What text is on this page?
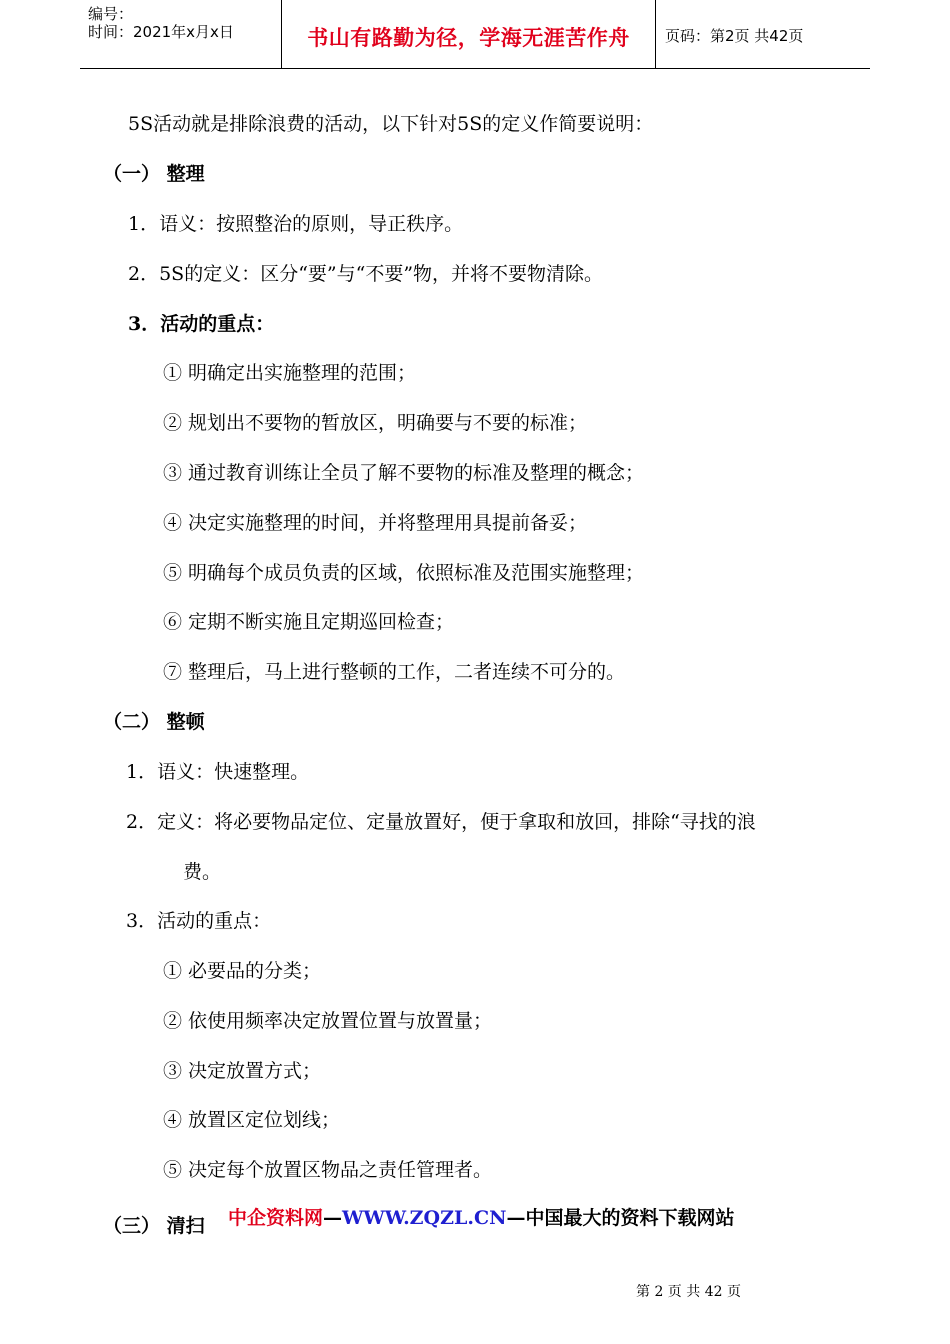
编号：
时间：2021年x月x日	书山有路勤为径，学海无涯苦作舟	页码：第2页 共42页
5S活动就是排除浪费的活动，以下针对5S的定义作简要说明：
（一） 整理
1．语义：按照整治的原则，导正秩序。
2．5S的定义：区分“要”与“不要”物，并将不要物清除。
3．活动的重点：
① 明确定出实施整理的范围；
② 规划出不要物的暂放区，明确要与不要的标准；
③ 通过教育训练让全员了解不要物的标准及整理的概念；
④ 决定实施整理的时间，并将整理用具提前备妥；
⑤ 明确每个成员负责的区域，依照标准及范围实施整理；
⑥ 定期不断实施且定期巡回检查；
⑦ 整理后，马上进行整顿的工作，二者连续不可分的。
（二） 整顿
1．语义：快速整理。
2．定义：将必要物品定位、定量放置好，便于拿取和放回，排除“寻找的浪
费。
3．活动的重点：
① 必要品的分类；
② 依使用频率决定放置位置与放置量；
③ 决定放置方式；
④ 放置区定位划线；
⑤ 决定每个放置区物品之责任管理者。
（三） 清扫 中企资料网—WWW.ZQZL.CN—中国最大的资料下载网站
第 2 页 共 42 页
